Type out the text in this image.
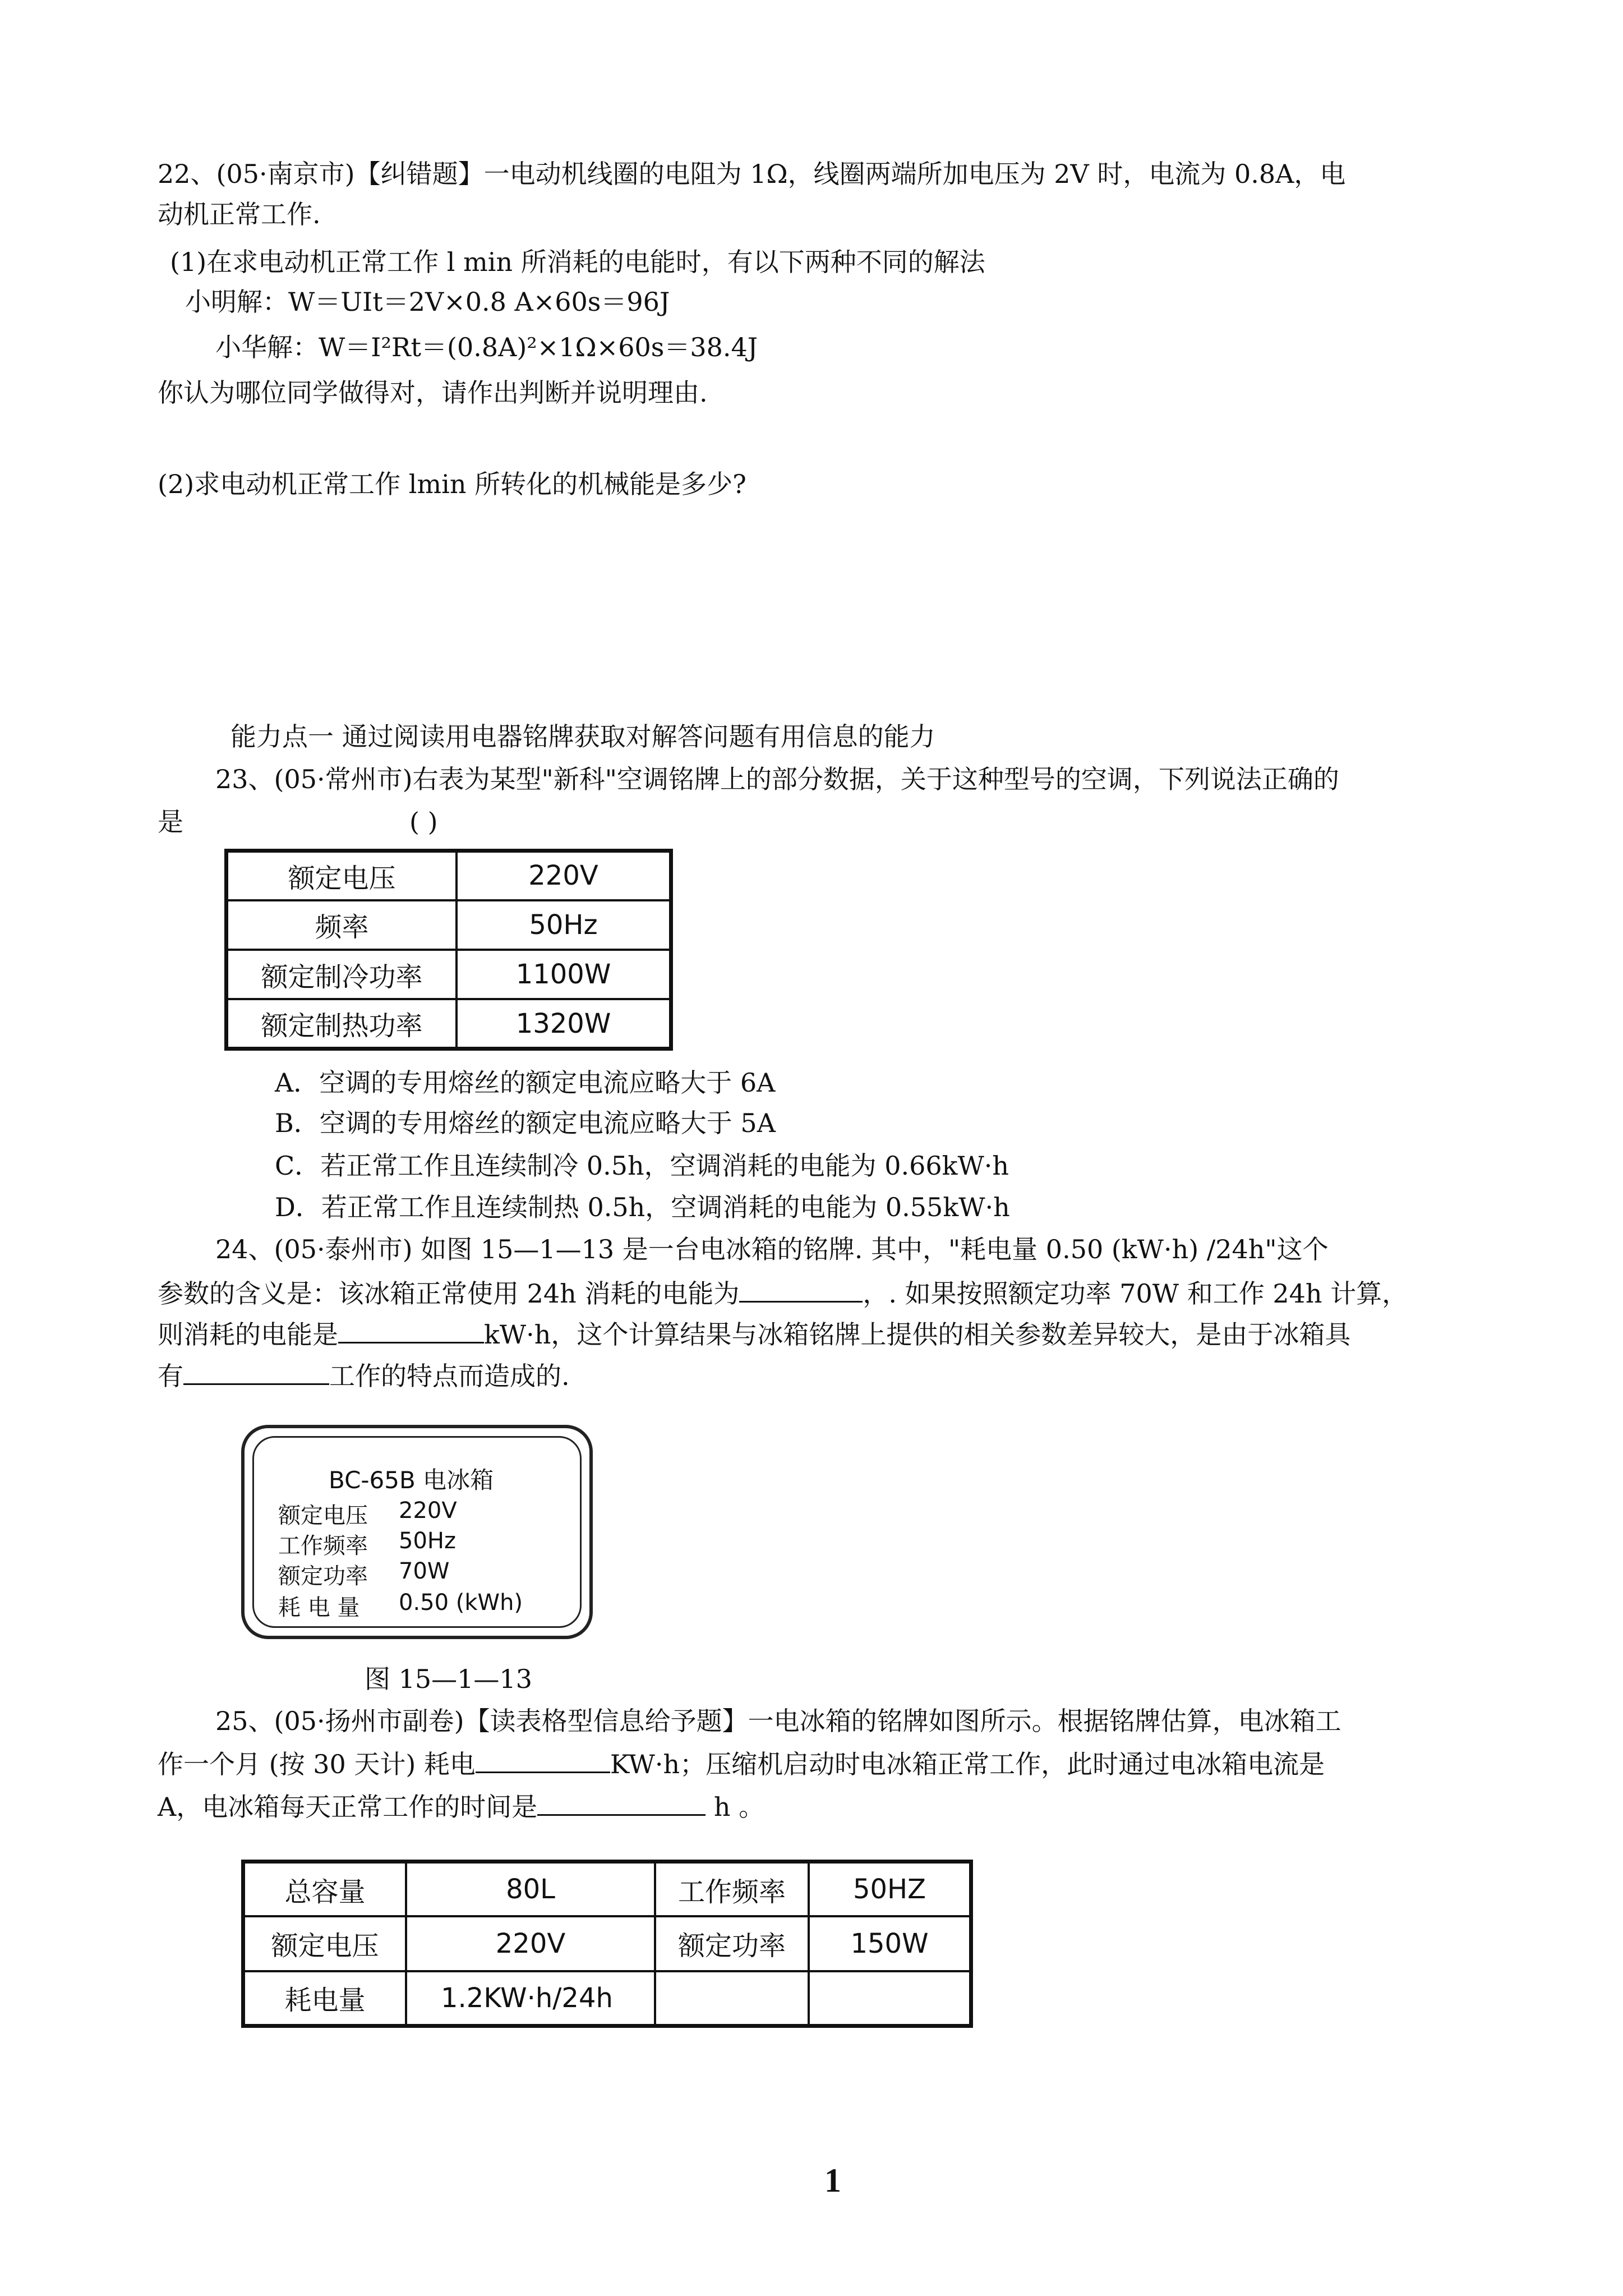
22、(05·南京市)【纠错题】一电动机线圈的电阻为 1Ω，线圈两端所加电压为 2V 时，电流为 0.8A，电
动机正常工作.
(1)在求电动机正常工作 l min 所消耗的电能时，有以下两种不同的解法
小明解：W＝UIt＝2V×0.8 A×60s＝96J
小华解：W＝I²Rt＝(0.8A)²×1Ω×60s＝38.4J
你认为哪位同学做得对，请作出判断并说明理由.
(2)求电动机正常工作 lmin 所转化的机械能是多少?
能力点一 通过阅读用电器铭牌获取对解答问题有用信息的能力
23、(05·常州市)右表为某型"新科"空调铭牌上的部分数据，关于这种型号的空调，下列说法正确的
是	( )
额定电压	220V
频率	50Hz
额定制冷功率	1100W
额定制热功率	1320W
A．空调的专用熔丝的额定电流应略大于 6A
B．空调的专用熔丝的额定电流应略大于 5A
C．若正常工作且连续制冷 0.5h，空调消耗的电能为 0.66kW·h
D．若正常工作且连续制热 0.5h，空调消耗的电能为 0.55kW·h
24、(05·泰州市) 如图 15—1—13 是一台电冰箱的铭牌. 其中，"耗电量 0.50 (kW·h) /24h"这个
参数的含义是：该冰箱正常使用 24h 消耗的电能为	，. 如果按照额定功率 70W 和工作 24h 计算，
则消耗的电能是	kW·h，这个计算结果与冰箱铭牌上提供的相关参数差异较大，是由于冰箱具
有	工作的特点而造成的.
BC-65B 电冰箱
额定电压 220V
工作频率 50Hz
额定功率 70W
耗 电 量 0.50 (kWh)
图 15—1—13
25、(05·扬州市副卷)【读表格型信息给予题】一电冰箱的铭牌如图所示。根据铭牌估算，电冰箱工
作一个月 (按 30 天计) 耗电	KW·h；压缩机启动时电冰箱正常工作，此时通过电冰箱电流是
A，电冰箱每天正常工作的时间是	h 。
总容量	80L	工作频率	50HZ
额定电压	220V	额定功率	150W
耗电量	1.2KW·h/24h		
1
